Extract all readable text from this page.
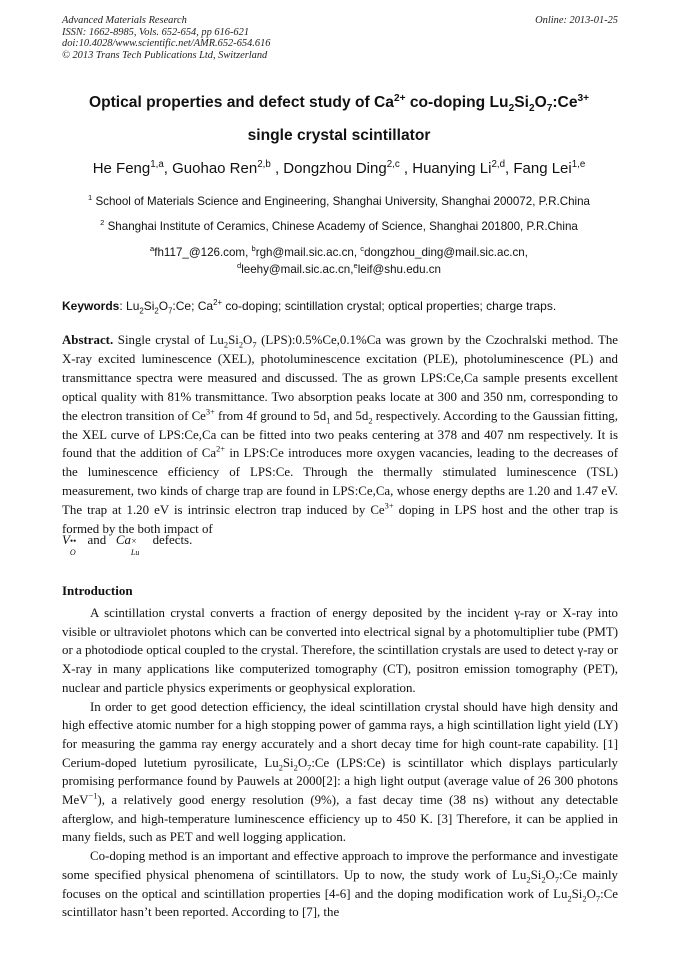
Advanced Materials Research
ISSN: 1662-8985, Vols. 652-654, pp 616-621
doi:10.4028/www.scientific.net/AMR.652-654.616
© 2013 Trans Tech Publications Ltd, Switzerland
Online: 2013-01-25
Optical properties and defect study of $Ca^{2+}$ co-doping $Lu_2Si_2O_7:Ce^{3+}$
single crystal scintillator
He Feng$^{1,a}$, Guohao Ren$^{2,b}$ , Dongzhou Ding$^{2,c}$ , Huanying Li$^{2,d}$, Fang Lei$^{1,e}$
$^1$ School of Materials Science and Engineering, Shanghai University, Shanghai 200072, P.R.China
$^2$ Shanghai Institute of Ceramics, Chinese Academy of Science, Shanghai 201800, P.R.China
$^a$fh117_@126.com, $^b$rgh@mail.sic.ac.cn, $^c$dongzhou_ding@mail.sic.ac.cn,
$^d$leehy@mail.sic.ac.cn,$^e$leif@shu.edu.cn
Keywords: $Lu_2Si_2O_7:Ce$; $Ca^{2+}$ co-doping; scintillation crystal; optical properties; charge traps.
Abstract. Single crystal of $Lu_2Si_2O_7$ (LPS):0.5%Ce,0.1%Ca was grown by the Czochralski method. The X-ray excited luminescence (XEL), photoluminescence excitation (PLE), photoluminescence (PL) and transmittance spectra were measured and discussed. The as grown LPS:Ce,Ca sample presents excellent optical quality with 81% transmittance. Two absorption peaks locate at 300 and 350 nm, corresponding to the electron transition of $Ce^{3+}$ from 4f ground to $5d_1$ and $5d_2$ respectively. According to the Gaussian fitting, the XEL curve of LPS:Ce,Ca can be fitted into two peaks centering at 378 and 407 nm respectively. It is found that the addition of $Ca^{2+}$ in LPS:Ce introduces more oxygen vacancies, leading to the decreases of the luminescence efficiency of LPS:Ce. Through the thermally stimulated luminescence (TSL) measurement, two kinds of charge trap are found in LPS:Ce,Ca, whose energy depths are 1.20 and 1.47 eV. The trap at 1.20 eV is intrinsic electron trap induced by $Ce^{3+}$ doping in LPS host and the other trap is formed by the both impact of
V ••
O
and Ca ×
Lu
defects.
Introduction

A scintillation crystal converts a fraction of energy deposited by the incident γ-ray or X-ray into visible or ultraviolet photons which can be converted into electrical signal by a photomultiplier tube (PMT) or a photodiode optical coupled to the crystal. Therefore, the scintillation crystals are used to detect γ-ray or X-ray in many applications like computerized tomography (CT), positron emission tomography (PET), nuclear and particle physics experiments or geophysical exploration.

In order to get good detection efficiency, the ideal scintillation crystal should have high density and high effective atomic number for a high stopping power of gamma rays, a high scintillation light yield (LY) for measuring the gamma ray energy accurately and a short decay time for high count-rate capability. [1] Cerium-doped lutetium pyrosilicate, $Lu_2Si_2O_7:Ce$ (LPS:Ce) is scintillator which displays particularly promising performance found by Pauwels at 2000[2]: a high light output (average value of 26 300 photons MeV$^{-1}$), a relatively good energy resolution (9%), a fast decay time (38 ns) without any detectable afterglow, and high-temperature luminescence efficiency up to 450 K. [3] Therefore, it can be applied in many fields, such as PET and well logging application.

Co-doping method is an important and effective approach to improve the performance and investigate some specified physical phenomena of scintillators. Up to now, the study work of $Lu_2Si_2O_7:Ce$ mainly focuses on the optical and scintillation properties [4-6] and the doping modification work of $Lu_2Si_2O_7:Ce$ scintillator hasn’t been reported. According to [7], the
